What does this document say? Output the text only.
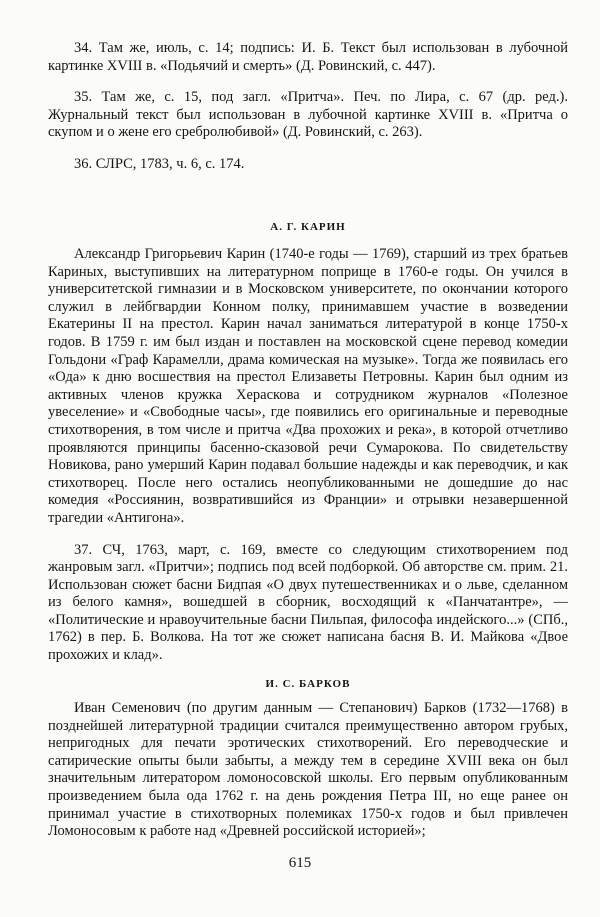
34. Там же, июль, с. 14; подпись: И. Б. Текст был использован в лубочной картинке XVIII в. «Подьячий и смерть» (Д. Ровинский, с. 447).

35. Там же, с. 15, под загл. «Притча». Печ. по Лира, с. 67 (др. ред.). Журнальный текст был использован в лубочной картинке XVIII в. «Притча о скупом и о жене его сребролюбивой» (Д. Ровинский, с. 263).

36. СЛРС, 1783, ч. 6, с. 174.

А. Г. КАРИН

Александр Григорьевич Карин (1740-е годы — 1769), старший из трех братьев Кариных, выступивших на литературном поприще в 1760-е годы. Он учился в университетской гимназии и в Московском университете, по окончании которого служил в лейбгвардии Конном полку, принимавшем участие в возведении Екатерины II на престол. Карин начал заниматься литературой в конце 1750-х годов. В 1759 г. им был издан и поставлен на московской сцене перевод комедии Гольдони «Граф Карамелли, драма комическая на музыке». Тогда же появилась его «Ода» к дню восшествия на престол Елизаветы Петровны. Карин был одним из активных членов кружка Хераскова и сотрудником журналов «Полезное увеселение» и «Свободные часы», где появились его оригинальные и переводные стихотворения, в том числе и притча «Два прохожих и река», в которой отчетливо проявляются принципы басенно-сказовой речи Сумарокова. По свидетельству Новикова, рано умерший Карин подавал большие надежды и как переводчик, и как стихотворец. После него остались неопубликованными не дошедшие до нас комедия «Россиянин, возвратившийся из Франции» и отрывки незавершенной трагедии «Антигона».

37. СЧ, 1763, март, с. 169, вместе со следующим стихотворением под жанровым загл. «Притчи»; подпись под всей подборкой. Об авторстве см. прим. 21. Использован сюжет басни Бидпая «О двух путешественниках и о льве, сделанном из белого камня», вошедшей в сборник, восходящий к «Панчатантре», — «Политические и нравоучительные басни Пильпая, философа индейского...» (СПб., 1762) в пер. Б. Волкова. На тот же сюжет написана басня В. И. Майкова «Двое прохожих и клад».

И. С. БАРКОВ

Иван Семенович (по другим данным — Степанович) Барков (1732—1768) в позднейшей литературной традиции считался преимущественно автором грубых, непригодных для печати эротических стихотворений. Его переводческие и сатирические опыты были забыты, а между тем в середине XVIII века он был значительным литератором ломоносовской школы. Его первым опубликованным произведением была ода 1762 г. на день рождения Петра III, но еще ранее он принимал участие в стихотворных полемиках 1750-х годов и был привлечен Ломоносовым к работе над «Древней российской историей»;

615
